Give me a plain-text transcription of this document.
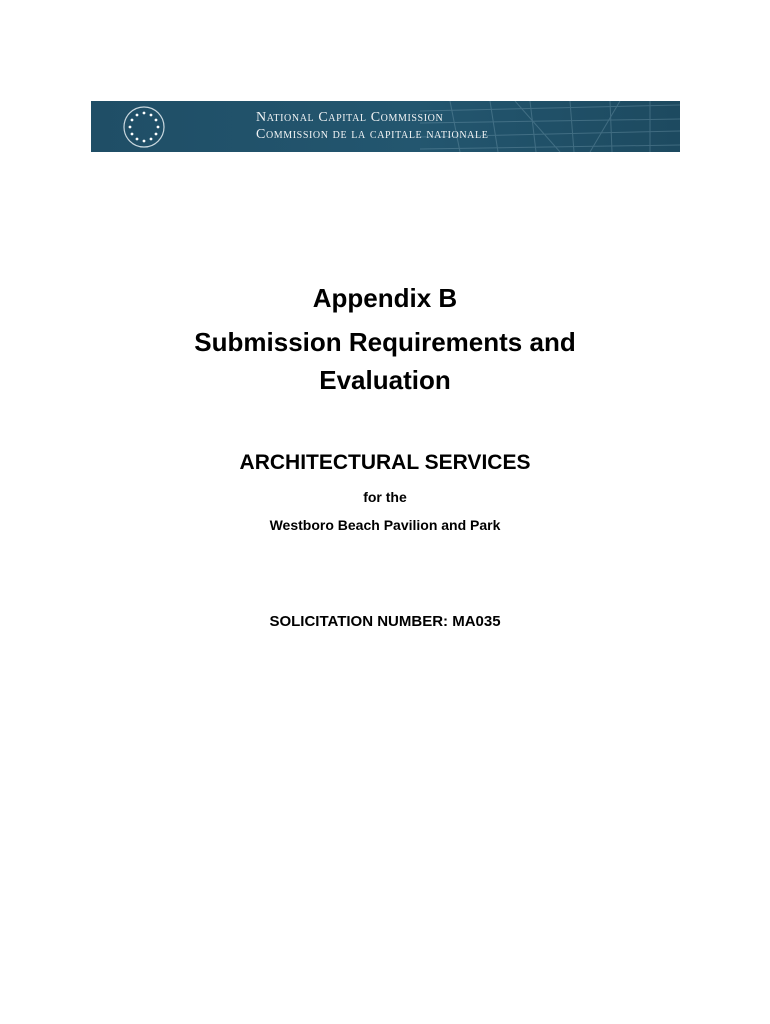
National Capital Commission
Commission de la capitale nationale
Appendix B
Submission Requirements and
Evaluation
ARCHITECTURAL SERVICES
for the
Westboro Beach Pavilion and Park
SOLICITATION NUMBER: MA035
